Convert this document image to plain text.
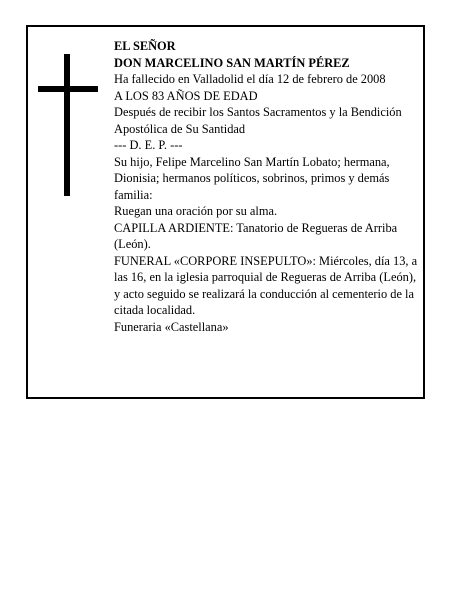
EL SEÑOR

DON MARCELINO SAN MARTÍN PÉREZ

Ha fallecido en Valladolid el día 12 de febrero de 2008

A LOS 83 AÑOS DE EDAD

Después de recibir los Santos Sacramentos y la Bendición Apostólica de Su Santidad

--- D. E. P. ---

Su hijo, Felipe Marcelino San Martín Lobato; hermana, Dionisia; hermanos políticos, sobrinos, primos y demás familia:

Ruegan una oración por su alma.

CAPILLA ARDIENTE: Tanatorio de Regueras de Arriba (León).

FUNERAL «CORPORE INSEPULTO»: Miércoles, día 13, a las 16, en la iglesia parroquial de Regueras de Arriba (León), y acto seguido se realizará la conducción al cementerio de la citada localidad.

Funeraria «Castellana»
